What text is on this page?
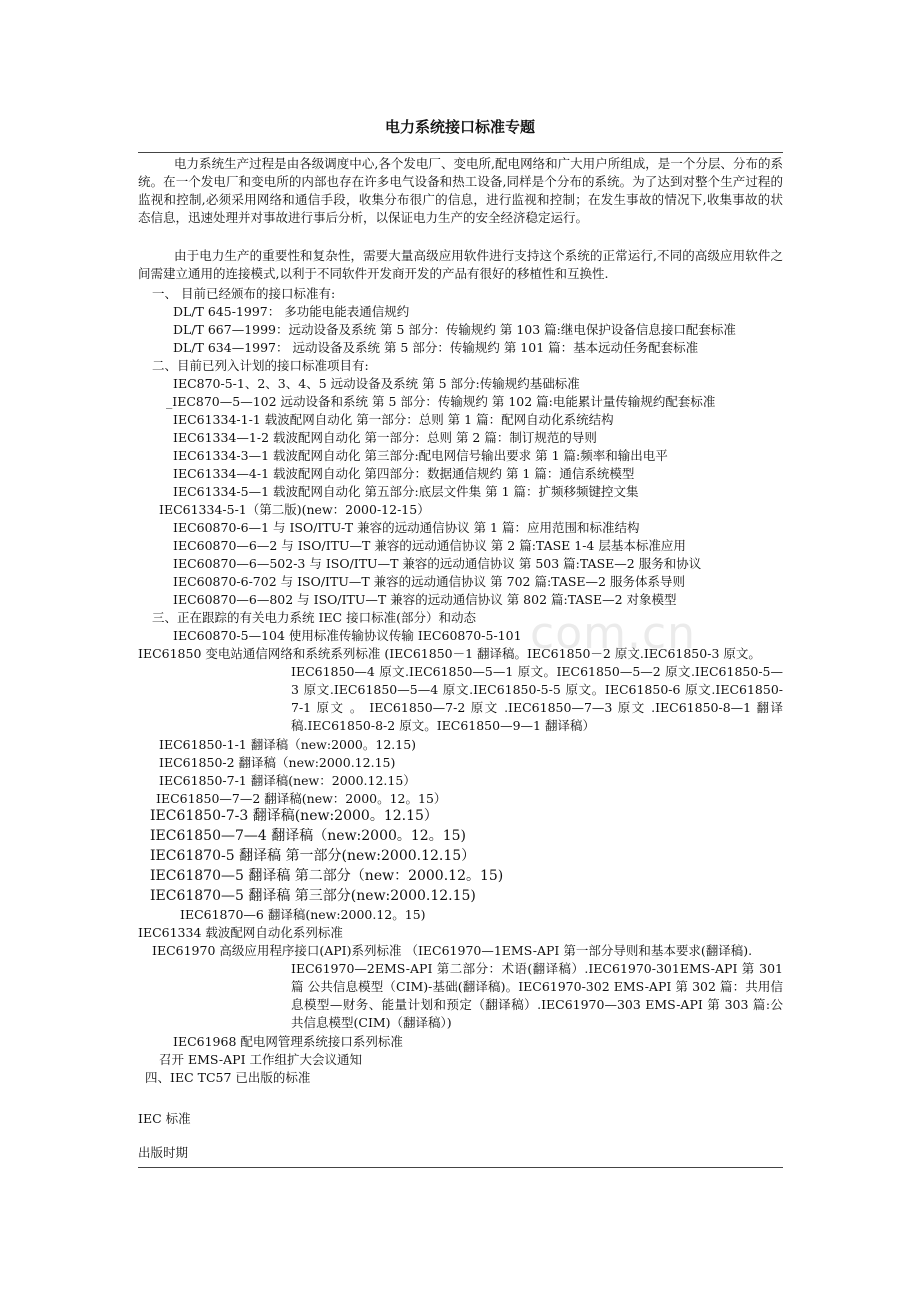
电力系统接口标准专题
com.cn
电力系统生产过程是由各级调度中心,各个发电厂、变电所,配电网络和广大用户所组成，是一个分层、分布的系统。在一个发电厂和变电所的内部也存在许多电气设备和热工设备,同样是个分布的系统。为了达到对整个生产过程的监视和控制,必须采用网络和通信手段，收集分布很广的信息，进行监视和控制；在发生事故的情况下,收集事故的状态信息，迅速处理并对事故进行事后分析，以保证电力生产的安全经济稳定运行。
由于电力生产的重要性和复杂性，需要大量高级应用软件进行支持这个系统的正常运行,不同的高级应用软件之间需建立通用的连接模式,以利于不同软件开发商开发的产品有很好的移植性和互换性.
一、 目前已经颁布的接口标准有:
DL/T 645-1997： 多功能电能表通信规约
DL/T 667—1999：远动设备及系统 第 5 部分：传输规约 第 103 篇:继电保护设备信息接口配套标准
DL/T 634—1997： 远动设备及系统 第 5 部分：传输规约 第 101 篇：基本远动任务配套标准
二、目前已列入计划的接口标准项目有:
IEC870-5-1、2、3、4、5 远动设备及系统 第 5 部分:传输规约基础标准
_IEC870—5—102 远动设备和系统 第 5 部分：传输规约 第 102 篇:电能累计量传输规约配套标准
IEC61334-1-1 载波配网自动化 第一部分：总则 第 1 篇：配网自动化系统结构
IEC61334—1-2 载波配网自动化 第一部分：总则 第 2 篇：制订规范的导则
IEC61334-3—1 载波配网自动化 第三部分:配电网信号输出要求 第 1 篇:频率和输出电平
IEC61334—4-1 载波配网自动化 第四部分：数据通信规约 第 1 篇：通信系统模型
IEC61334-5—1 载波配网自动化 第五部分:底层文件集 第 1 篇：扩频移频键控文集
IEC61334-5-1（第二版)(new：2000-12-15）
IEC60870-6—1 与 ISO/ITU-T 兼容的远动通信协议 第 1 篇：应用范围和标准结构
IEC60870—6—2 与 ISO/ITU—T 兼容的远动通信协议 第 2 篇:TASE 1-4 层基本标准应用
IEC60870—6—502-3 与 ISO/ITU—T 兼容的远动通信协议 第 503 篇:TASE—2 服务和协议
IEC60870-6-702 与 ISO/ITU—T 兼容的远动通信协议 第 702 篇:TASE—2 服务体系导则
IEC60870—6—802 与 ISO/ITU—T 兼容的远动通信协议 第 802 篇:TASE—2 对象模型
三、正在跟踪的有关电力系统 IEC 接口标准(部分）和动态
IEC60870-5—104 使用标准传输协议传输 IEC60870-5-101
IEC61850 变电站通信网络和系统系列标准 (IEC61850－1 翻译稿。IEC61850－2 原文.IEC61850-3 原文。
IEC61850—4 原文.IEC61850—5—1 原文。IEC61850—5—2 原文.IEC61850-5—3 原文.IEC61850—5—4 原文.IEC61850-5-5 原文。IEC61850-6 原文.IEC61850-7-1 原文 。 IEC61850—7-2 原文 .IEC61850—7—3 原文 .IEC61850-8—1 翻译稿.IEC61850-8-2 原文。IEC61850—9—1 翻译稿）
IEC61850-1-1 翻译稿（new:2000。12.15)
IEC61850-2 翻译稿（new:2000.12.15)
IEC61850-7-1 翻译稿(new：2000.12.15）
IEC61850—7—2 翻译稿(new：2000。12。15）
IEC61850-7-3 翻译稿(new:2000。12.15）
IEC61850—7—4 翻译稿（new:2000。12。15)
IEC61870-5 翻译稿 第一部分(new:2000.12.15）
IEC61870—5 翻译稿 第二部分（new：2000.12。15)
IEC61870—5 翻译稿 第三部分(new:2000.12.15)
IEC61870—6 翻译稿(new:2000.12。15)
IEC61334 载波配网自动化系列标准
IEC61970 高级应用程序接口(API)系列标准 （IEC61970—1EMS-API 第一部分导则和基本要求(翻译稿).
IEC61970—2EMS-API 第二部分：术语(翻译稿）.IEC61970-301EMS-API 第 301 篇 公共信息模型（CIM)-基础(翻译稿)。IEC61970-302 EMS-API 第 302 篇：共用信息模型—财务、能量计划和预定（翻译稿）.IEC61970—303 EMS-API 第 303 篇:公共信息模型(CIM)（翻译稿）)
IEC61968 配电网管理系统接口系列标准
召开 EMS-API 工作组扩大会议通知
四、IEC TC57 已出版的标准
IEC 标准
出版时期
